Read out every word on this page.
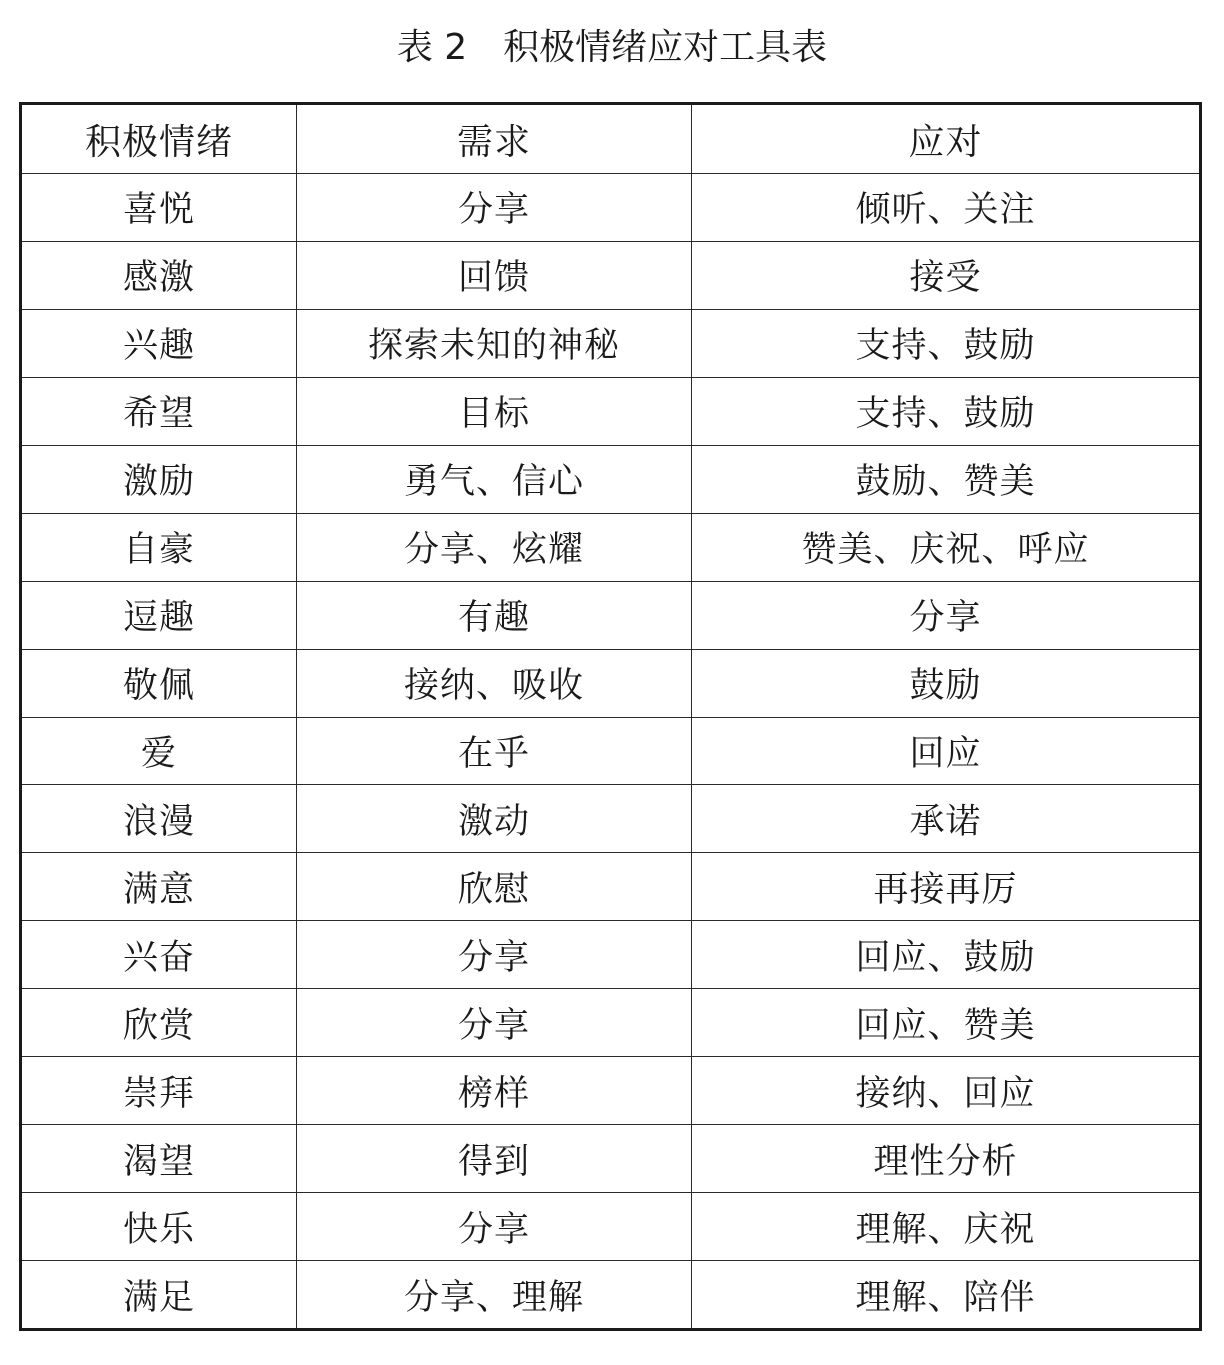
表 2 积极情绪应对工具表
积极情绪	需求	应对
喜悦	分享	倾听、关注
感激	回馈	接受
兴趣	探索未知的神秘	支持、鼓励
希望	目标	支持、鼓励
激励	勇气、信心	鼓励、赞美
自豪	分享、炫耀	赞美、庆祝、呼应
逗趣	有趣	分享
敬佩	接纳、吸收	鼓励
爱	在乎	回应
浪漫	激动	承诺
满意	欣慰	再接再厉
兴奋	分享	回应、鼓励
欣赏	分享	回应、赞美
崇拜	榜样	接纳、回应
渴望	得到	理性分析
快乐	分享	理解、庆祝
满足	分享、理解	理解、陪伴
